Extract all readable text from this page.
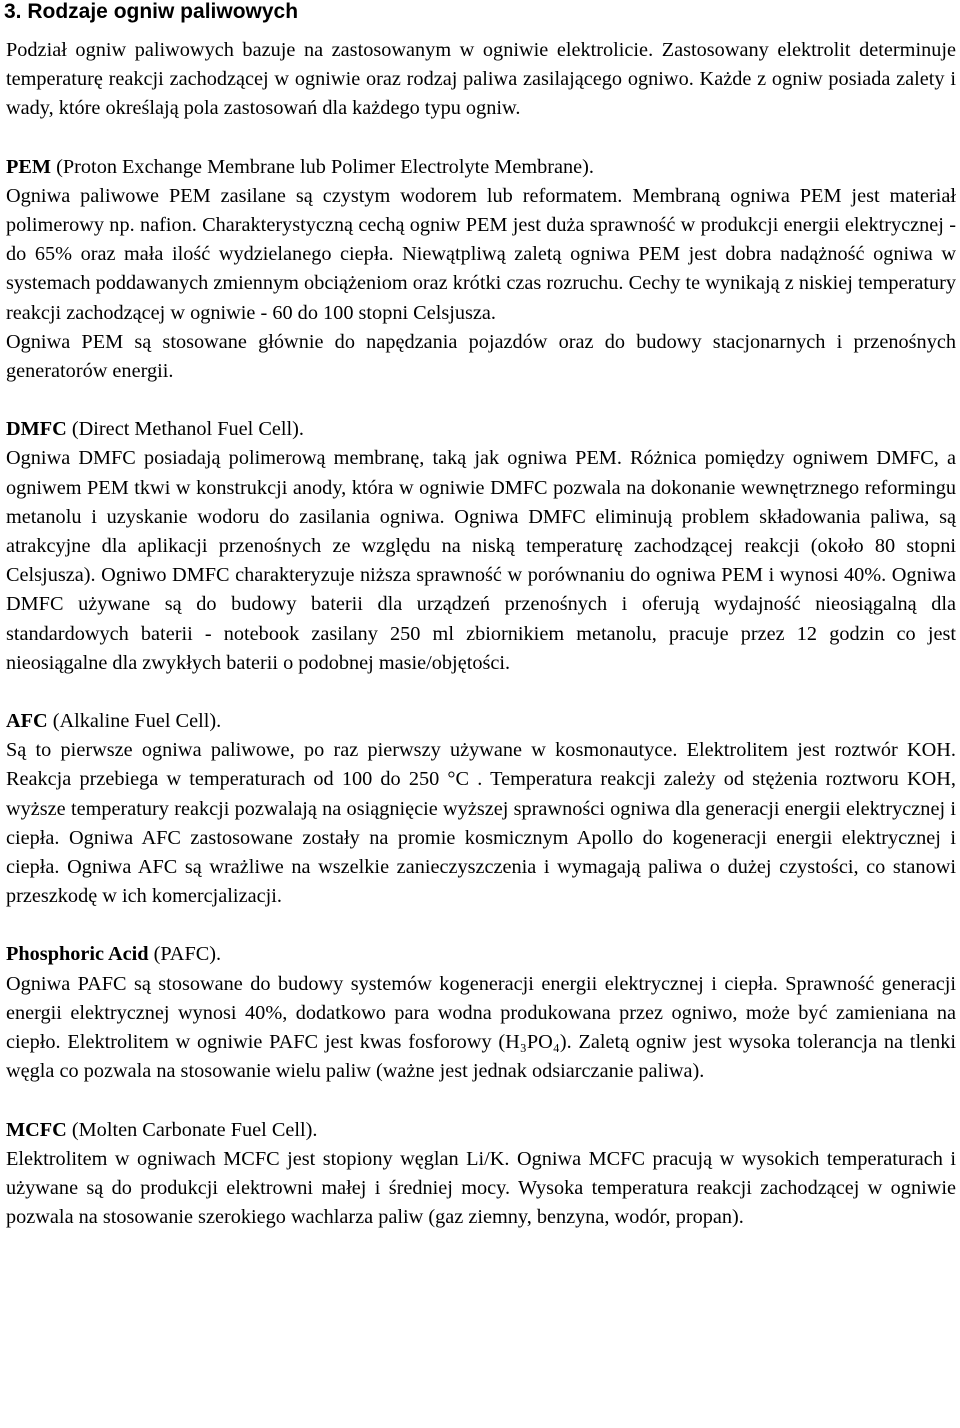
3. Rodzaje ogniw paliwowych

Podział ogniw paliwowych bazuje na zastosowanym w ogniwie elektrolicie. Zastosowany elektrolit determinuje temperaturę reakcji zachodzącej w ogniwie oraz rodzaj paliwa zasilającego ogniwo. Każde z ogniw posiada zalety i wady, które określają pola zastosowań dla każdego typu ogniw.

PEM (Proton Exchange Membrane lub Polimer Electrolyte Membrane).

Ogniwa paliwowe PEM zasilane są czystym wodorem lub reformatem. Membraną ogniwa PEM jest materiał polimerowy np. nafion. Charakterystyczną cechą ogniw PEM jest duża sprawność w produkcji energii elektrycznej - do 65% oraz mała ilość wydzielanego ciepła. Niewątpliwą zaletą ogniwa PEM jest dobra nadążność ogniwa w systemach poddawanych zmiennym obciążeniom oraz krótki czas rozruchu. Cechy te wynikają z niskiej temperatury reakcji zachodzącej w ogniwie - 60 do 100 stopni Celsjusza.

Ogniwa PEM są stosowane głównie do napędzania pojazdów oraz do budowy stacjonarnych i przenośnych generatorów energii.

DMFC (Direct Methanol Fuel Cell).

Ogniwa DMFC posiadają polimerową membranę, taką jak ogniwa PEM. Różnica pomiędzy ogniwem DMFC, a ogniwem PEM tkwi w konstrukcji anody, która w ogniwie DMFC pozwala na dokonanie wewnętrznego reformingu metanolu i uzyskanie wodoru do zasilania ogniwa. Ogniwa DMFC eliminują problem składowania paliwa, są atrakcyjne dla aplikacji przenośnych ze względu na niską temperaturę zachodzącej reakcji (około 80 stopni Celsjusza). Ogniwo DMFC charakteryzuje niższa sprawność w porównaniu do ogniwa PEM i wynosi 40%. Ogniwa DMFC używane są do budowy baterii dla urządzeń przenośnych i oferują wydajność nieosiągalną dla standardowych baterii - notebook zasilany 250 ml zbiornikiem metanolu, pracuje przez 12 godzin co jest nieosiągalne dla zwykłych baterii o podobnej masie/objętości.

AFC (Alkaline Fuel Cell).

Są to pierwsze ogniwa paliwowe, po raz pierwszy używane w kosmonautyce. Elektrolitem jest roztwór KOH. Reakcja przebiega w temperaturach od 100 do 250 °C . Temperatura reakcji zależy od stężenia roztworu KOH, wyższe temperatury reakcji pozwalają na osiągnięcie wyższej sprawności ogniwa dla generacji energii elektrycznej i ciepła. Ogniwa AFC zastosowane zostały na promie kosmicznym Apollo do kogeneracji energii elektrycznej i ciepła. Ogniwa AFC są wrażliwe na wszelkie zanieczyszczenia i wymagają paliwa o dużej czystości, co stanowi przeszkodę w ich komercjalizacji.

Phosphoric Acid (PAFC).

Ogniwa PAFC są stosowane do budowy systemów kogeneracji energii elektrycznej i ciepła. Sprawność generacji energii elektrycznej wynosi 40%, dodatkowo para wodna produkowana przez ogniwo, może być zamieniana na ciepło. Elektrolitem w ogniwie PAFC jest kwas fosforowy (H₃PO₄). Zaletą ogniw jest wysoka tolerancja na tlenki węgla co pozwala na stosowanie wielu paliw (ważne jest jednak odsiarczanie paliwa).

MCFC (Molten Carbonate Fuel Cell).

Elektrolitem w ogniwach MCFC jest stopiony węglan Li/K. Ogniwa MCFC pracują w wysokich temperaturach i używane są do produkcji elektrowni małej i średniej mocy. Wysoka temperatura reakcji zachodzącej w ogniwie pozwala na stosowanie szerokiego wachlarza paliw (gaz ziemny, benzyna, wodór, propan).
